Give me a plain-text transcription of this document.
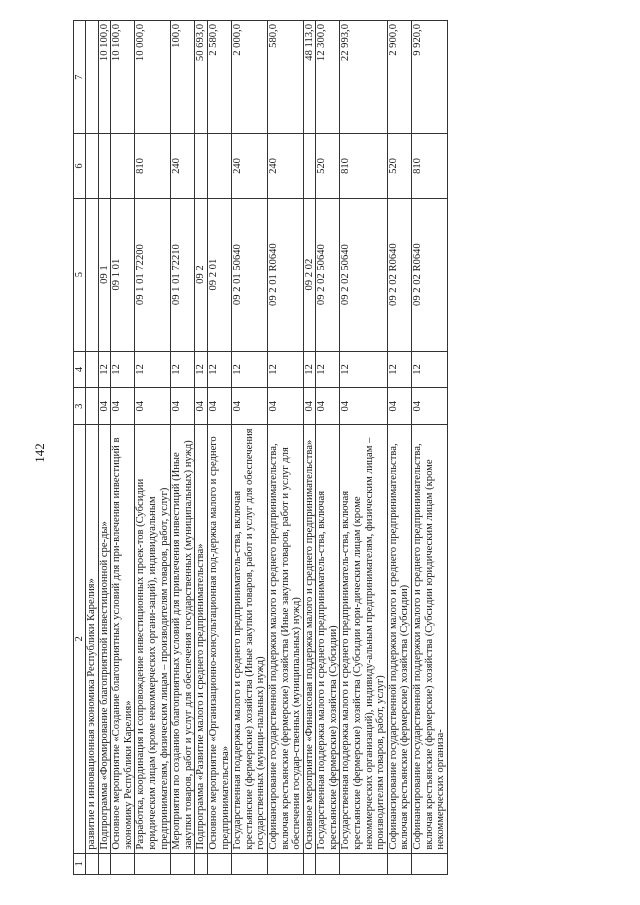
142
1	2	3	4	5	6	7
	развитие и инновационная экономика Республики Карелия»					

	Подпрограмма «Формирование благоприятной инвестиционной сре-ды»	04	12	09 1		10 100,0

	Основное мероприятие «Создание благоприятных условий для при-влечения инвестиций в экономику Республики Карелия»	04	12	09 1 01		10 100,0

	Разработка, координация и сопровождение инвестиционных проек-тов (Субсидии юридическим лицам (кроме некоммерческих органи-заций), индивидуальным предпринимателям, физическим лицам – производителям товаров, работ, услуг)	04	12	09 1 01 72200	810	10 000,0

	Мероприятия по созданию благоприятных условий для привлечения инвестиций (Иные закупки товаров, работ и услуг для обеспечения государственных (муниципальных) нужд)	04	12	09 1 01 72210	240	100,0

	Подпрограмма «Развитие малого и среднего предпринимательства»	04	12	09 2		50 693,0

	Основное мероприятие «Организационно-консультационная под-держка малого и среднего предпринимательства»	04	12	09 2 01		2 580,0

	Государственная поддержка малого и среднего предприниматель-ства, включая крестьянские (фермерские) хозяйства (Иные закупки товаров, работ и услуг для обеспечения государственных (муници-пальных) нужд)	04	12	09 2 01 50640	240	2 000,0

	Софинансирование государственной поддержки малого и среднего предпринимательства, включая крестьянские (фермерские) хозяйства (Иные закупки товаров, работ и услуг для обеспечения государ-ственных (муниципальных) нужд)	04	12	09 2 01 R0640	240	580,0

	Основное мероприятие «Финансовая поддержка малого и среднего предпринимательства»	04	12	09 2 02		48 113,0

	Государственная поддержка малого и среднего предприниматель-ства, включая крестьянские (фермерские) хозяйства (Субсидии)	04	12	09 2 02 50640	520	12 300,0

	Государственная поддержка малого и среднего предприниматель-ства, включая крестьянские (фермерские) хозяйства (Субсидии юри-дическим лицам (кроме некоммерческих организаций), индивиду-альным предпринимателям, физическим лицам – производителям товаров, работ, услуг)	04	12	09 2 02 50640	810	22 993,0

	Софинансирование государственной поддержки малого и среднего предпринимательства, включая крестьянские (фермерские) хозяйства (Субсидии)	04	12	09 2 02 R0640	520	2 900,0

	Софинансирование государственной поддержки малого и среднего предпринимательства, включая крестьянские (фермерские) хозяйства (Субсидии юридическим лицам (кроме некоммерческих организа-	04	12	09 2 02 R0640	810	9 920,0
